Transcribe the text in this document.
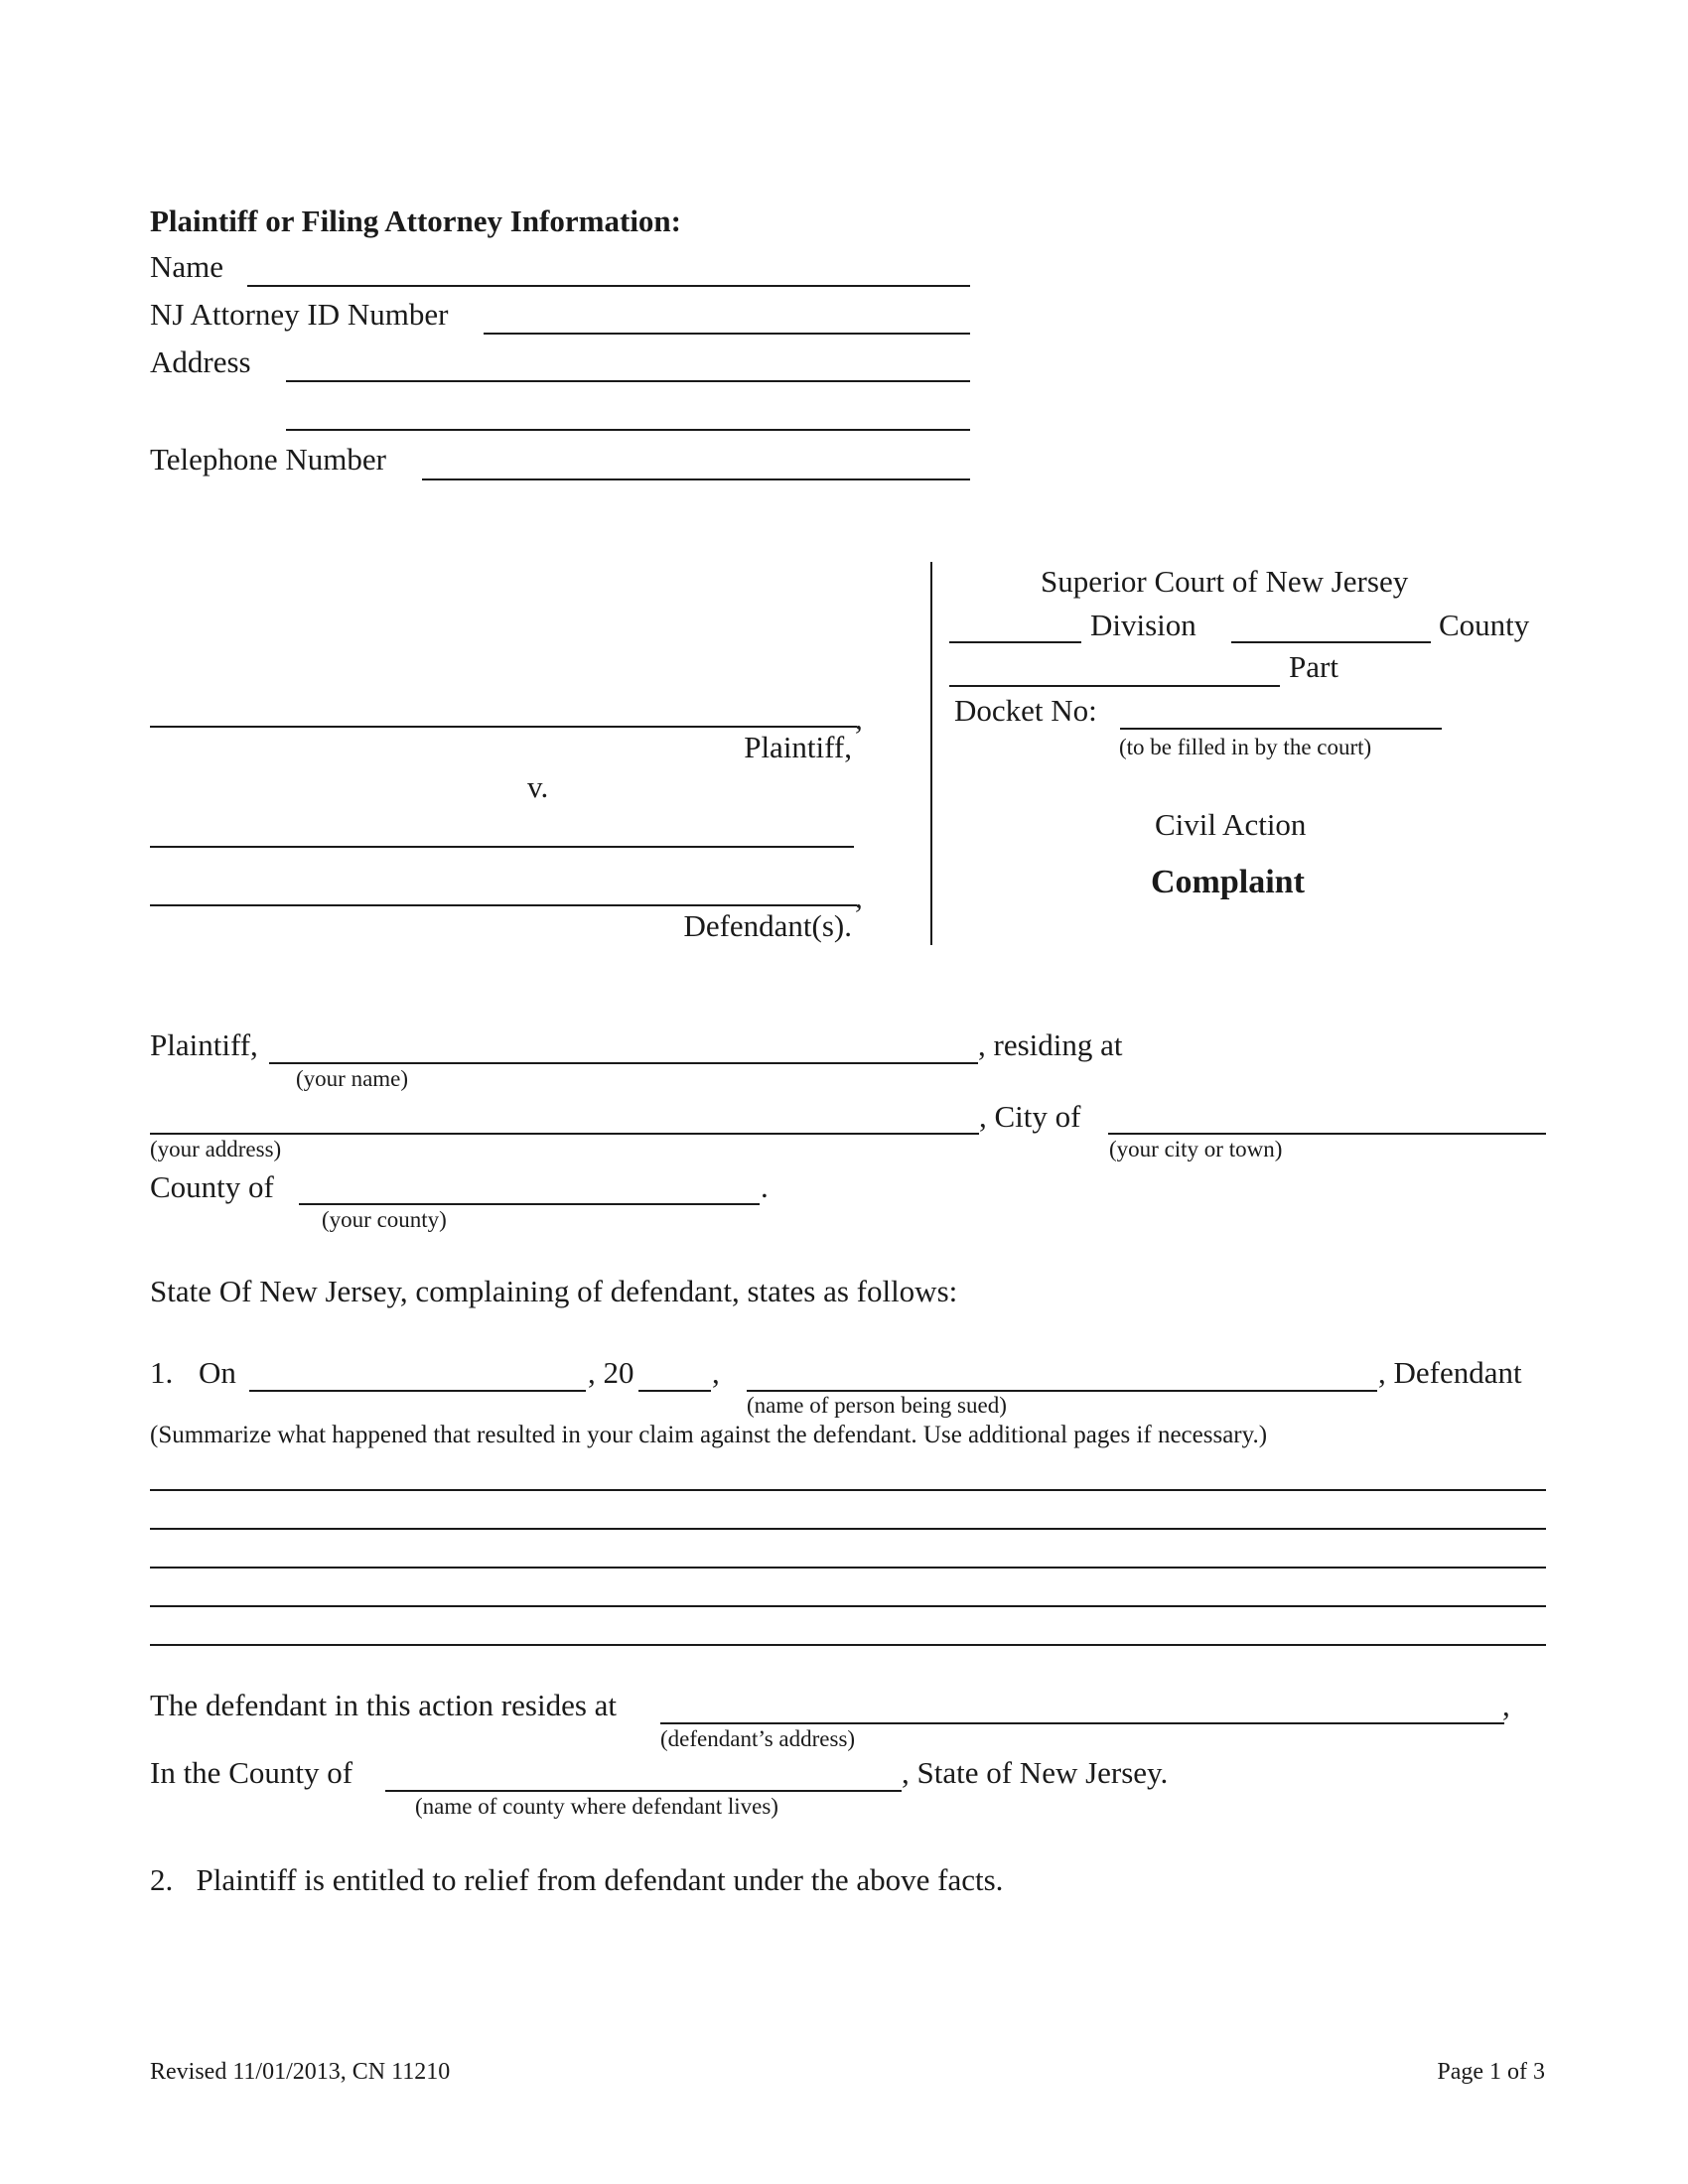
Plaintiff or Filing Attorney Information:
Name
NJ Attorney ID Number
Address
Telephone Number
,
Plaintiff,
v.
,
Defendant(s).
Superior Court of New Jersey
Division	County
Part
Docket No:
(to be filled in by the court)
Civil Action
Complaint
Plaintiff,	, residing at
(your name)
, City of
(your address)	(your city or town)
County of	.
(your county)
State Of New Jersey, complaining of defendant, states as follows:
1. On	, 20	,	, Defendant
(name of person being sued)
(Summarize what happened that resulted in your claim against the defendant. Use additional pages if necessary.)
The defendant in this action resides at	,
(defendant’s address)
In the County of	, State of New Jersey.
(name of county where defendant lives)
2.   Plaintiff is entitled to relief from defendant under the above facts.
Revised 11/01/2013, CN 11210	Page 1 of 3
